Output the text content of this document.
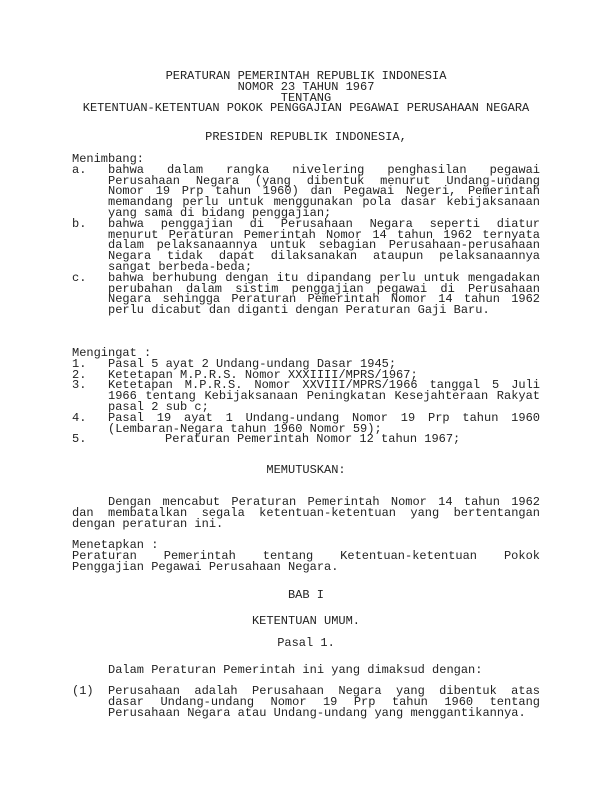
PERATURAN PEMERINTAH REPUBLIK INDONESIA
NOMOR 23 TAHUN 1967
TENTANG
KETENTUAN-KETENTUAN POKOK PENGGAJIAN PEGAWAI PERUSAHAAN NEGARA
PRESIDEN REPUBLIK INDONESIA,
Menimbang:
a. bahwa dalam rangka nivelering penghasilan pegawai Perusahaan Negara (yang dibentuk menurut Undang-undang Nomor 19 Prp tahun 1960) dan Pegawai Negeri, Pemerintah memandang perlu untuk menggunakan pola dasar kebijaksanaan yang sama di bidang penggajian;
b. bahwa penggajian di Perusahaan Negara seperti diatur menurut Peraturan Pemerintah Nomor 14 tahun 1962 ternyata dalam pelaksanaannya untuk sebagian Perusahaan-perusahaan Negara tidak dapat dilaksanakan ataupun pelaksanaannya sangat berbeda-beda;
c. bahwa berhubung dengan itu dipandang perlu untuk mengadakan perubahan dalam sistim penggajian pegawai di Perusahaan Negara sehingga Peraturan Pemerintah Nomor 14 tahun 1962 perlu dicabut dan diganti dengan Peraturan Gaji Baru.
Mengingat :
1. Pasal 5 ayat 2 Undang-undang Dasar 1945;
2. Ketetapan M.P.R.S. Nomor XXXIIII/MPRS/1967;
3. Ketetapan M.P.R.S. Nomor XXVIII/MPRS/1966 tanggal 5 Juli 1966 tentang Kebijaksanaan Peningkatan Kesejahteraan Rakyat pasal 2 sub c;
4. Pasal 19 ayat 1 Undang-undang Nomor 19 Prp tahun 1960 (Lembaran-Negara tahun 1960 Nomor 59);
5.	Peraturan Pemerintah Nomor 12 tahun 1967;
MEMUTUSKAN:
Dengan mencabut Peraturan Pemerintah Nomor 14 tahun 1962 dan membatalkan segala ketentuan-ketentuan yang bertentangan dengan peraturan ini.
Menetapkan :
Peraturan Pemerintah tentang Ketentuan-ketentuan Pokok Penggajian Pegawai Perusahaan Negara.
BAB I
KETENTUAN UMUM.
Pasal 1.
Dalam Peraturan Pemerintah ini yang dimaksud dengan:
(1) Perusahaan adalah Perusahaan Negara yang dibentuk atas dasar Undang-undang Nomor 19 Prp tahun 1960 tentang Perusahaan Negara atau Undang-undang yang menggantikannya.
